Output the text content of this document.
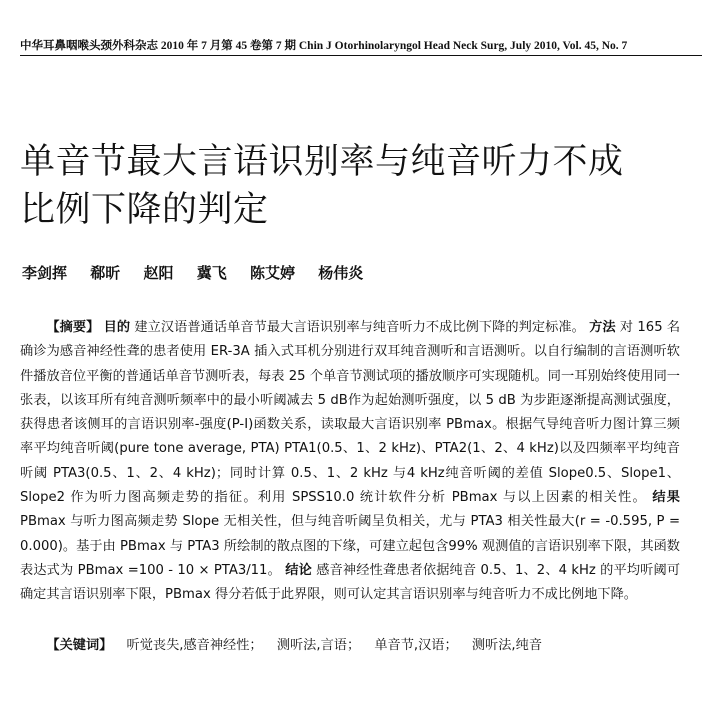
中华耳鼻咽喉头颈外科杂志 2010 年 7 月第 45 卷第 7 期 Chin J Otorhinolaryngol Head Neck Surg, July 2010, Vol. 45, No. 7
单音节最大言语识别率与纯音听力不成
比例下降的判定
李剑挥 郗昕 赵阳 冀飞 陈艾婷 杨伟炎

【摘要】 目的 建立汉语普通话单音节最大言语识别率与纯音听力不成比例下降的判定标准。 方法 对 165 名确诊为感音神经性聋的患者使用 ER-3A 插入式耳机分别进行双耳纯音测听和言语测听。以自行编制的言语测听软件播放音位平衡的普通话单音节测听表，每表 25 个单音节测试项的播放顺序可实现随机。同一耳别始终使用同一张表，以该耳所有纯音测听频率中的最小听阈减去 5 dB作为起始测听强度，以 5 dB 为步距逐渐提高测试强度，获得患者该侧耳的言语识别率-强度(P-I)函数关系，读取最大言语识别率 PBmax。根据气导纯音听力图计算三频率平均纯音听阈(pure tone average, PTA) PTA1(0.5、1、2 kHz)、PTA2(1、2、4 kHz)以及四频率平均纯音听阈 PTA3(0.5、1、2、4 kHz)；同时计算 0.5、1、2 kHz 与4 kHz纯音听阈的差值 Slope0.5、Slope1、Slope2 作为听力图高频走势的指征。利用 SPSS10.0 统计软件分析 PBmax 与以上因素的相关性。 结果 PBmax 与听力图高频走势 Slope 无相关性，但与纯音听阈呈负相关，尤与 PTA3 相关性最大(r = -0.595, P = 0.000)。基于由 PBmax 与 PTA3 所绘制的散点图的下缘，可建立起包含99% 观测值的言语识别率下限，其函数表达式为 PBmax =100 - 10 × PTA3/11。 结论 感音神经性聋患者依据纯音 0.5、1、2、4 kHz 的平均听阈可确定其言语识别率下限，PBmax 得分若低于此界限，则可认定其言语识别率与纯音听力不成比例地下降。

【关键词】 听觉丧失,感音神经性； 测听法,言语； 单音节,汉语； 测听法,纯音
